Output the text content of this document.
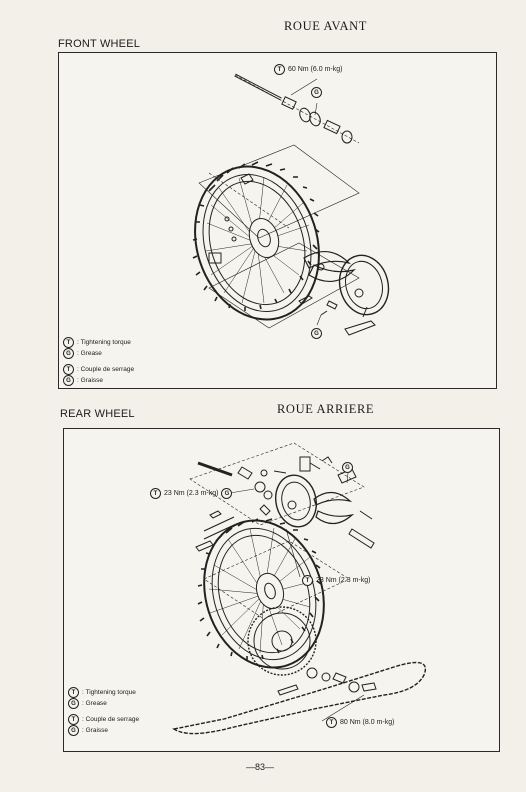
FRONT WHEEL
ROUE AVANT
T 60 Nm (6.0 m-kg)
G
G
T	: Tightening torque
G : Grease
T	: Couple de serrage
G : Graisse
REAR WHEEL	ROUE ARRIERE
T 23 Nm (2.3 m-kg)	G
T 23 Nm (2.3 m-kg)
G
T 80 Nm (8.0 m-kg)
T	: Tightening torque
G : Grease
T	: Couple de serrage
G : Graisse
—83—
